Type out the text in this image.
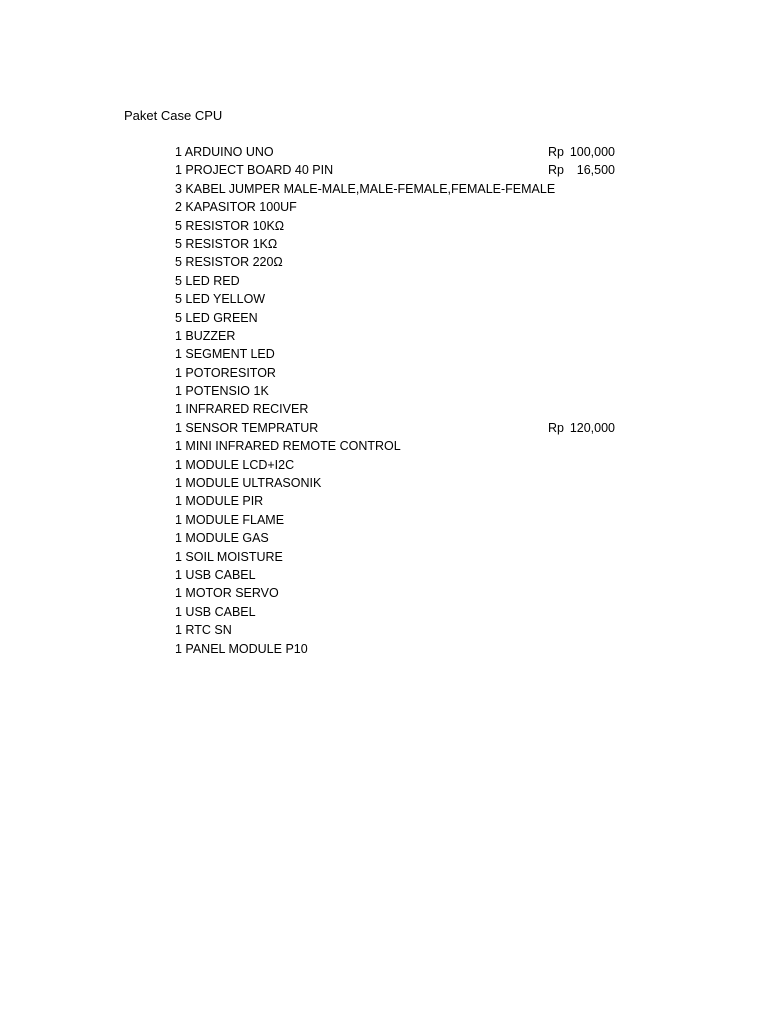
Paket Case CPU
1 ARDUINO UNO	Rp 100,000
1 PROJECT BOARD 40 PIN	Rp 16,500
3 KABEL JUMPER MALE-MALE,MALE-FEMALE,FEMALE-FEMALE
2 KAPASITOR 100UF
5 RESISTOR 10KΩ
5 RESISTOR 1KΩ
5 RESISTOR 220Ω
5 LED RED
5 LED YELLOW
5 LED GREEN
1 BUZZER
1 SEGMENT LED
1 POTORESITOR
1 POTENSIO 1K
1 INFRARED RECIVER
1 SENSOR TEMPRATUR	Rp 120,000
1 MINI INFRARED REMOTE CONTROL
1 MODULE LCD+I2C
1 MODULE ULTRASONIK
1 MODULE PIR
1 MODULE FLAME
1 MODULE GAS
1 SOIL MOISTURE
1 USB CABEL
1 MOTOR SERVO
1 USB CABEL
1 RTC SN
1 PANEL MODULE P10
